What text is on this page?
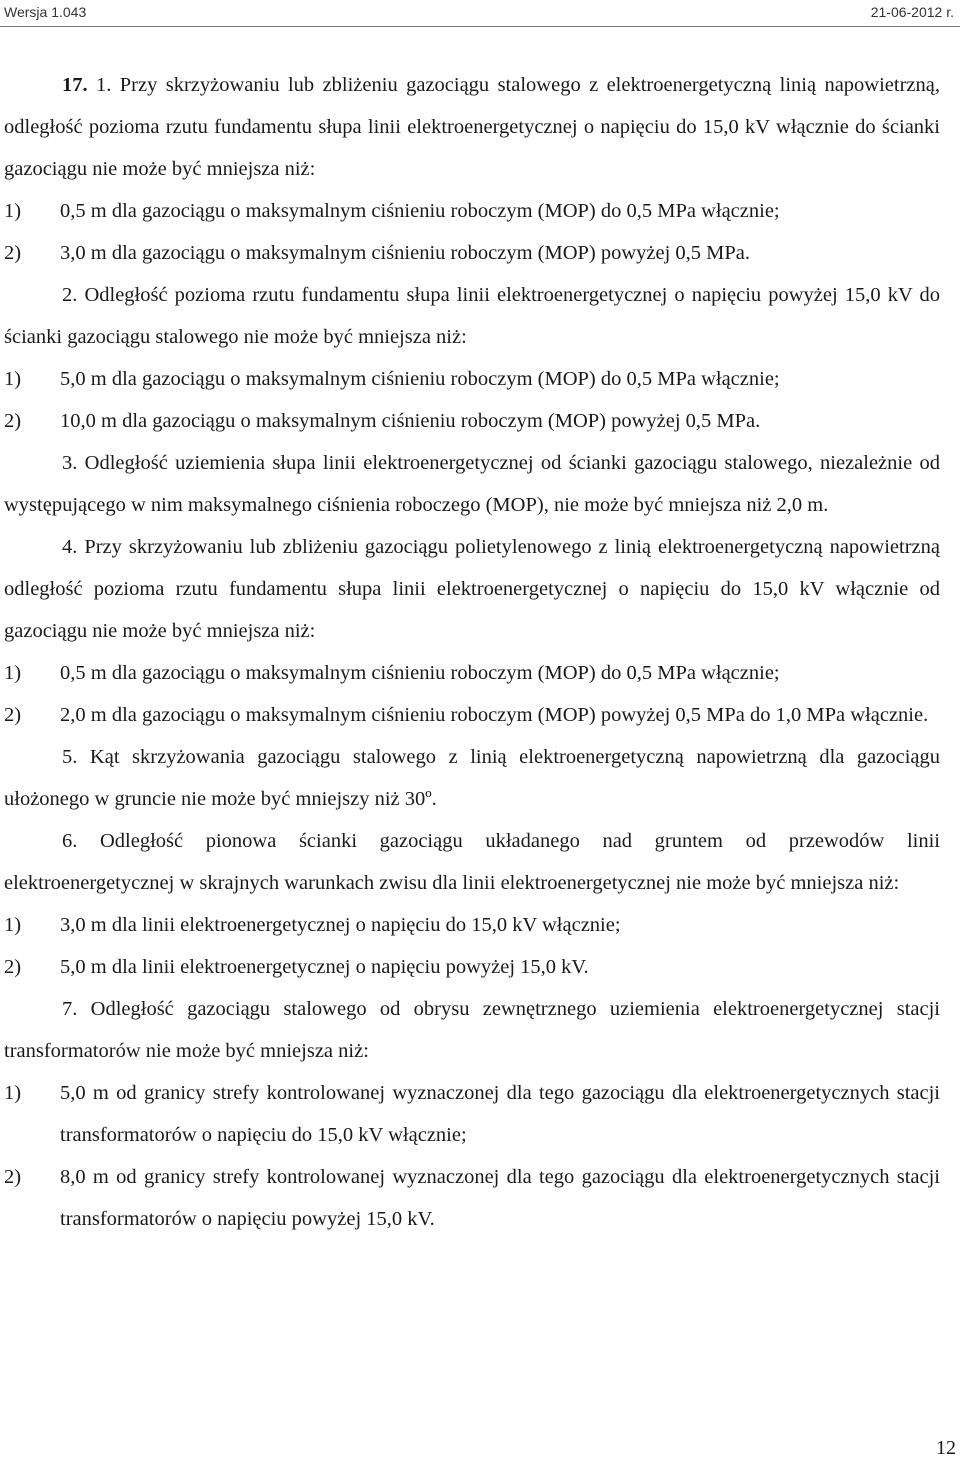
Wersja 1.043	21-06-2012 r.

17. 1. Przy skrzyżowaniu lub zbliżeniu gazociągu stalowego z elektroenergetyczną linią napowietrzną, odległość pozioma rzutu fundamentu słupa linii elektroenergetycznej o napięciu do 15,0 kV włącznie do ścianki gazociągu nie może być mniejsza niż:

1)	0,5 m dla gazociągu o maksymalnym ciśnieniu roboczym (MOP) do 0,5 MPa włącznie;
2)	3,0 m dla gazociągu o maksymalnym ciśnieniu roboczym (MOP) powyżej 0,5 MPa.

2. Odległość pozioma rzutu fundamentu słupa linii elektroenergetycznej o napięciu powyżej 15,0 kV do ścianki gazociągu stalowego nie może być mniejsza niż:

1)	5,0 m dla gazociągu o maksymalnym ciśnieniu roboczym (MOP) do 0,5 MPa włącznie;
2)	10,0 m dla gazociągu o maksymalnym ciśnieniu roboczym (MOP) powyżej 0,5 MPa.

3. Odległość uziemienia słupa linii elektroenergetycznej od ścianki gazociągu stalowego, niezależnie od występującego w nim maksymalnego ciśnienia roboczego (MOP), nie może być mniejsza niż 2,0 m.

4. Przy skrzyżowaniu lub zbliżeniu gazociągu polietylenowego z linią elektroenergetyczną napowietrzną odległość pozioma rzutu fundamentu słupa linii elektroenergetycznej o napięciu do 15,0 kV włącznie od gazociągu nie może być mniejsza niż:

1)	0,5 m dla gazociągu o maksymalnym ciśnieniu roboczym (MOP) do 0,5 MPa włącznie;
2)	2,0 m dla gazociągu o maksymalnym ciśnieniu roboczym (MOP) powyżej 0,5 MPa do 1,0 MPa włącznie.

5. Kąt skrzyżowania gazociągu stalowego z linią elektroenergetyczną napowietrzną dla gazociągu ułożonego w gruncie nie może być mniejszy niż 30º.

6. Odległość pionowa ścianki gazociągu układanego nad gruntem od przewodów linii elektroenergetycznej w skrajnych warunkach zwisu dla linii elektroenergetycznej nie może być mniejsza niż:

1)	3,0 m dla linii elektroenergetycznej o napięciu do 15,0 kV włącznie;
2)	5,0 m dla linii elektroenergetycznej o napięciu powyżej 15,0 kV.

7. Odległość gazociągu stalowego od obrysu zewnętrznego uziemienia elektroenergetycznej stacji transformatorów nie może być mniejsza niż:

1)	5,0 m od granicy strefy kontrolowanej wyznaczonej dla tego gazociągu dla elektroenergetycznych stacji transformatorów o napięciu do 15,0 kV włącznie;
2)	8,0 m od granicy strefy kontrolowanej wyznaczonej dla tego gazociągu dla elektroenergetycznych stacji transformatorów o napięciu powyżej 15,0 kV.
12
